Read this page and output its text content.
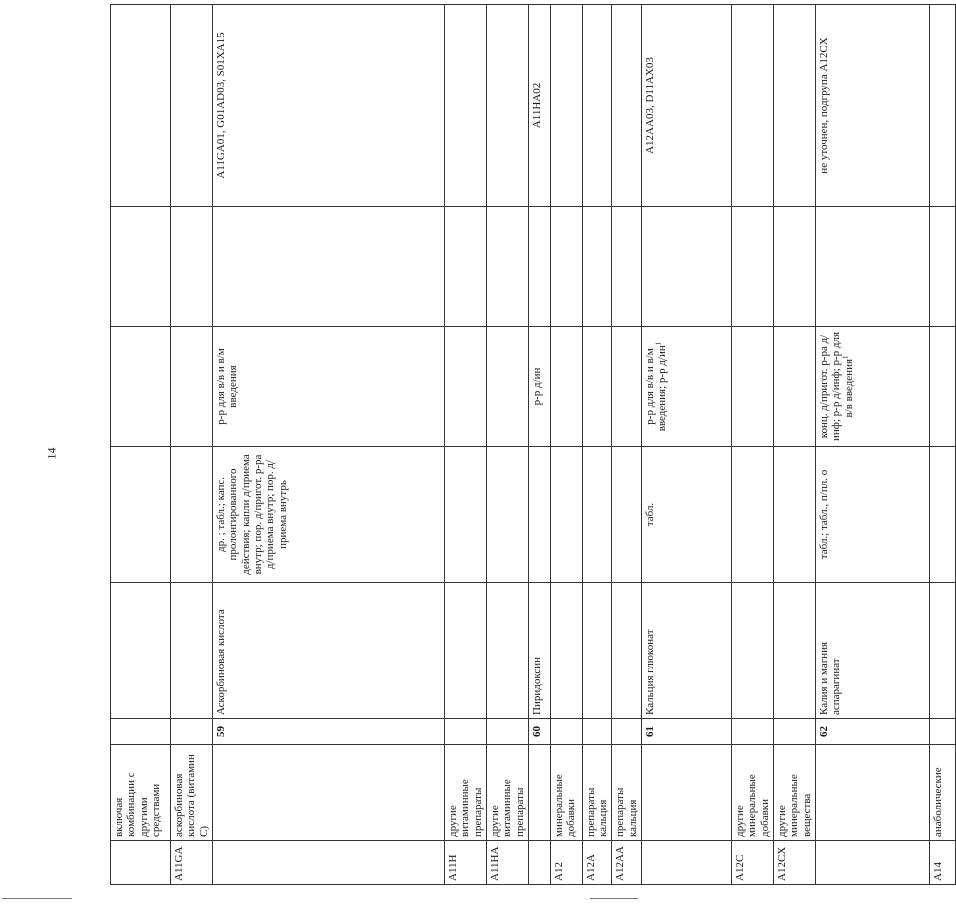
14
	включая комбинации с другими средствами						
A11GA	аскорбиновая кислота (витамин C)						
		59	Аскорбиновая кислота	др. ; табл.; капс. пролонгированного действия; капли д/приема внутр; пор. д/пригот. р-ра д/приема внутр; пор. д/приема внутрь	р-р для в/в и в/м введения		A11GA01, G01AD03, S01XA15
A11H	другие витаминные препараты						
A11HA	другие витаминные препараты						
		60	Пиридоксин		р-р д/ин		A11HA02
A12	минеральные добавки						
A12A	препараты кальция						
A12AA	препараты кальция						
		61	Кальция глюконат	табл.	р-р для в/в и в/м введения; р-р $д/ин^1$		A12AA03, D11AX03
A12C	другие минеральные добавки						
A12CX	другие минеральные вещества						
		62	Калия и магния аспарагинат	табл.; табл., п/пл. о	конц. д/пригот. р-ра д/инф; р-р д/инф; р-р для в/в введения$^1$		не уточнен, подгрупа A12CX
A14	анаболические						
